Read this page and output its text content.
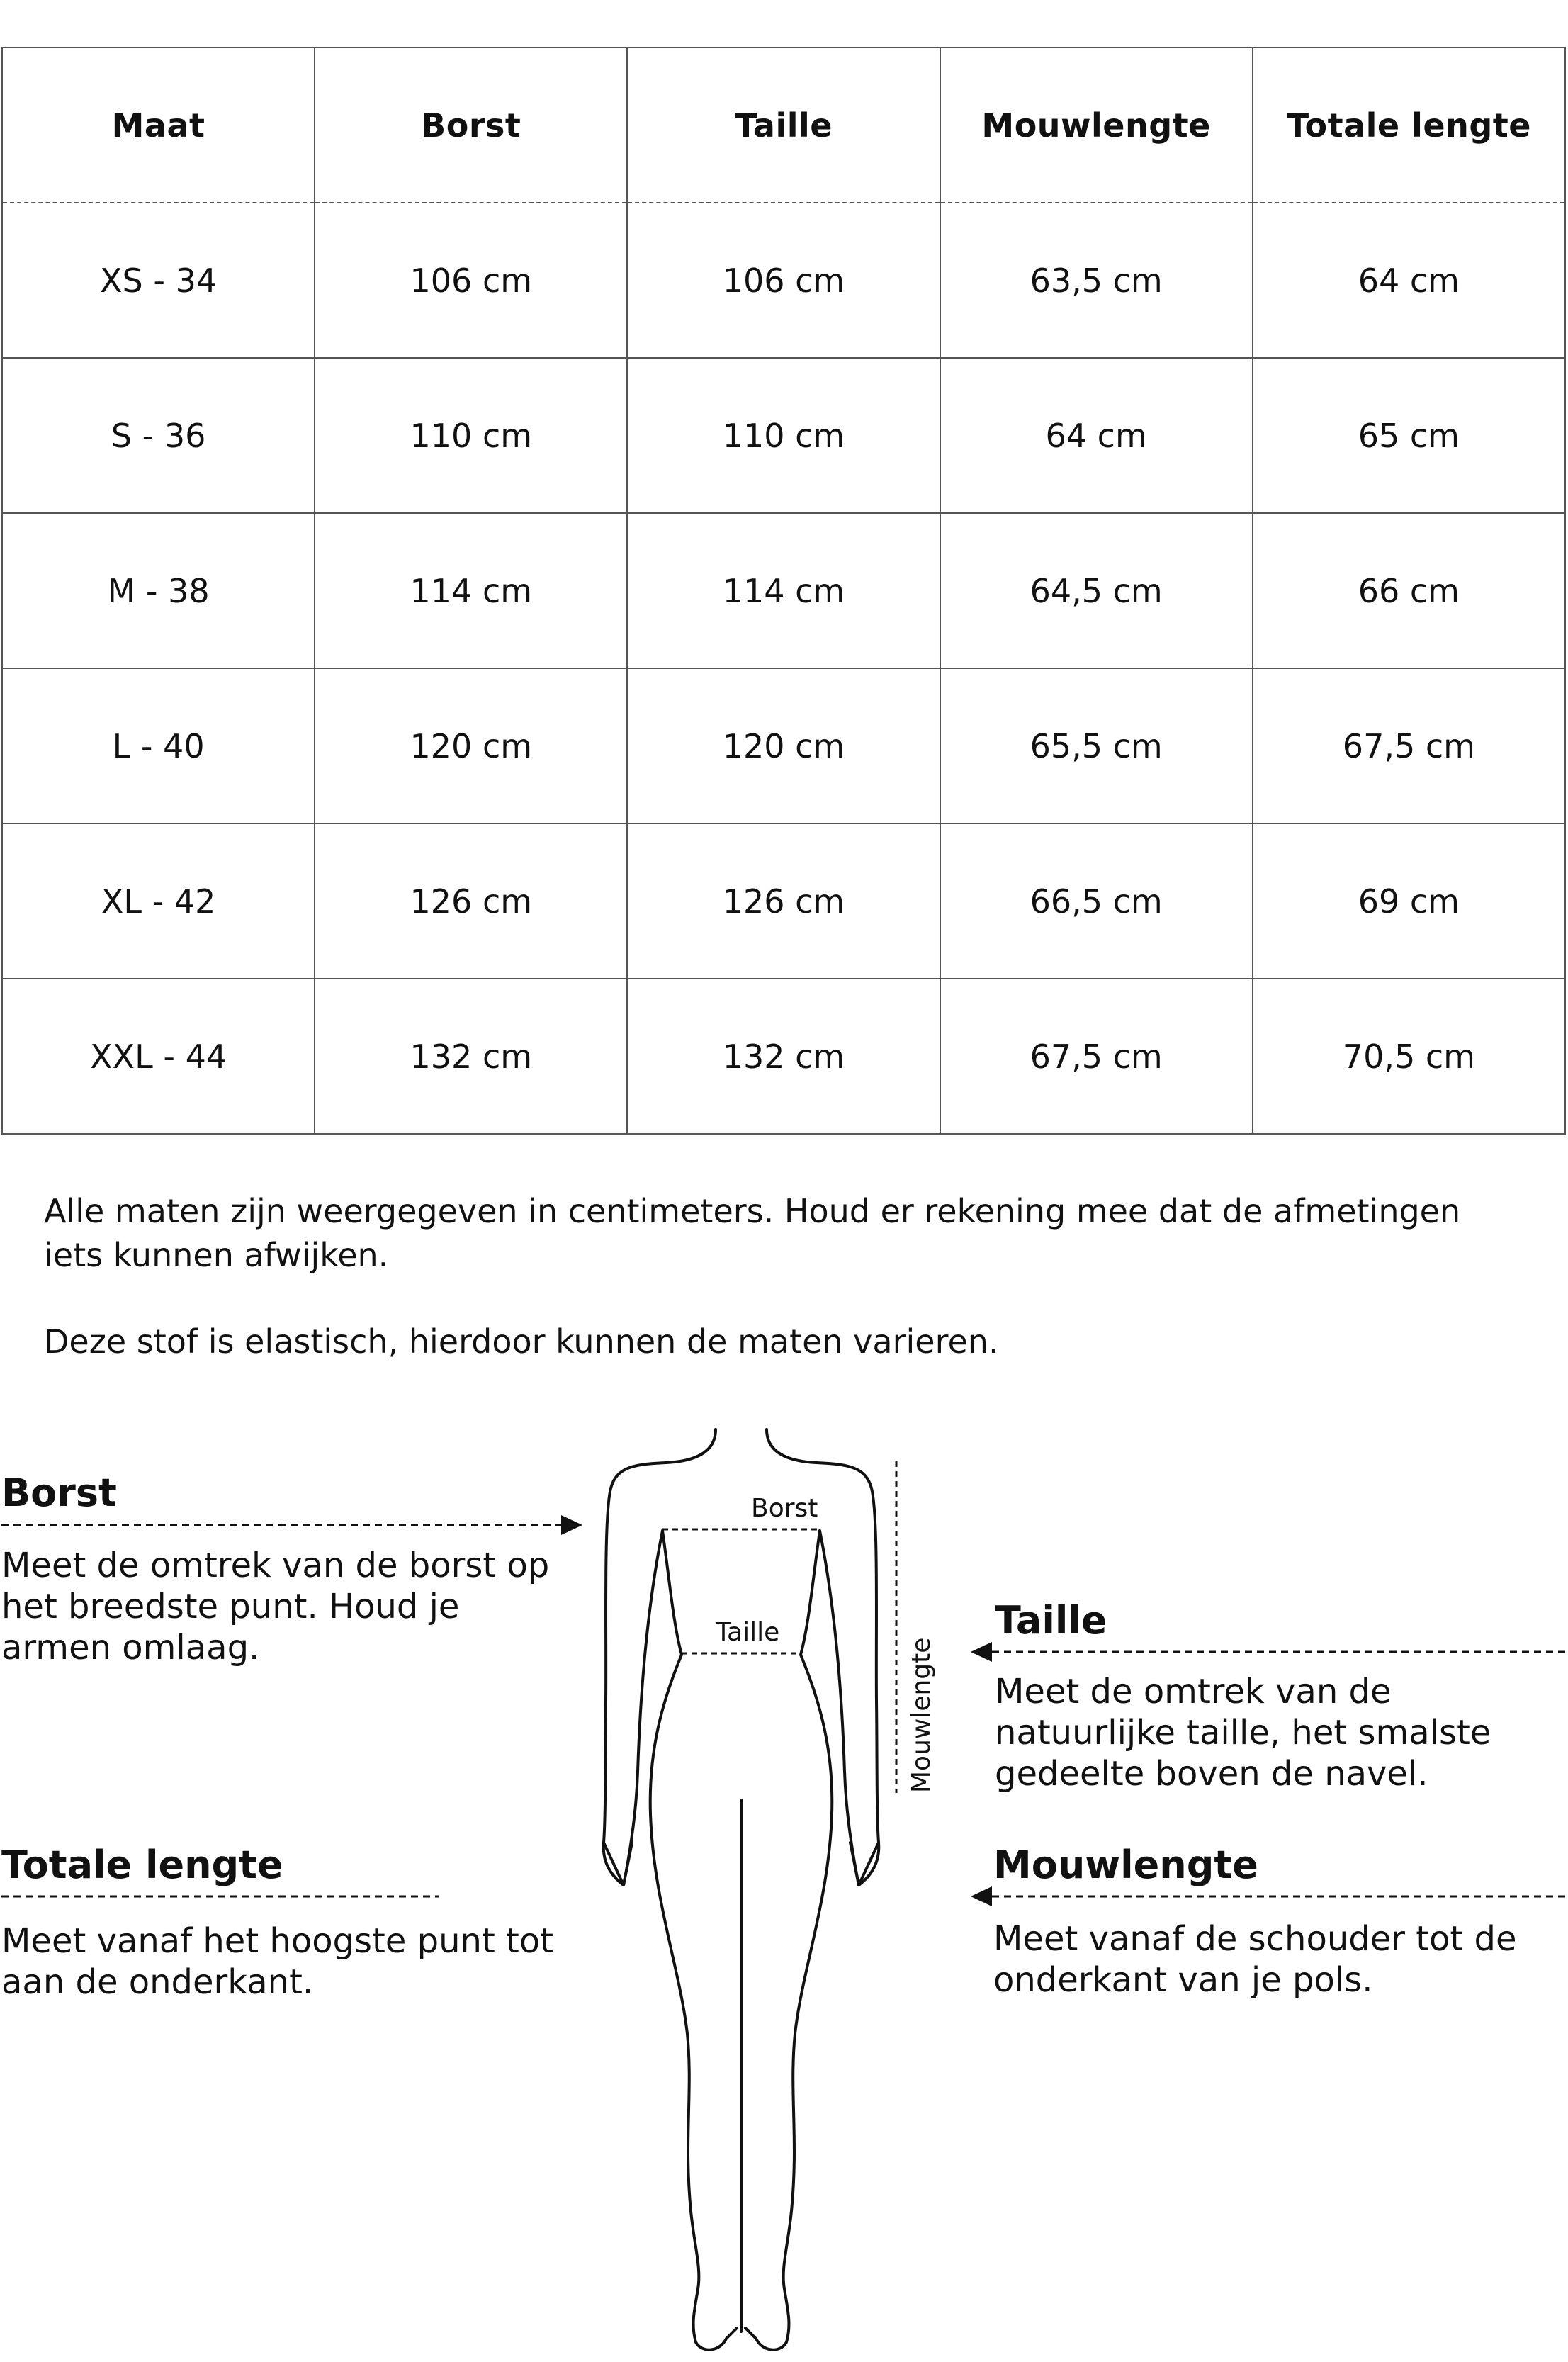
Maat	Borst	Taille	Mouwlengte	Totale lengte
XS - 34	106 cm	106 cm	63,5 cm	64 cm
S - 36	110 cm	110 cm	64 cm	65 cm
M - 38	114 cm	114 cm	64,5 cm	66 cm
L - 40	120 cm	120 cm	65,5 cm	67,5 cm
XL - 42	126 cm	126 cm	66,5 cm	69 cm
XXL - 44	132 cm	132 cm	67,5 cm	70,5 cm

Alle maten zijn weergegeven in centimeters. Houd er rekening mee dat de afmetingen iets kunnen afwijken.

Deze stof is elastisch, hierdoor kunnen de maten varieren.

Borst
Taille
Mouwlengte
Borst

Meet de omtrek van de borst op het breedste punt. Houd je armen omlaag.

Taille

Meet de omtrek van de natuurlijke taille, het smalste gedeelte boven de navel.

Totale lengte

Meet vanaf het hoogste punt tot aan de onderkant.

Mouwlengte

Meet vanaf de schouder tot de onderkant van je pols.
